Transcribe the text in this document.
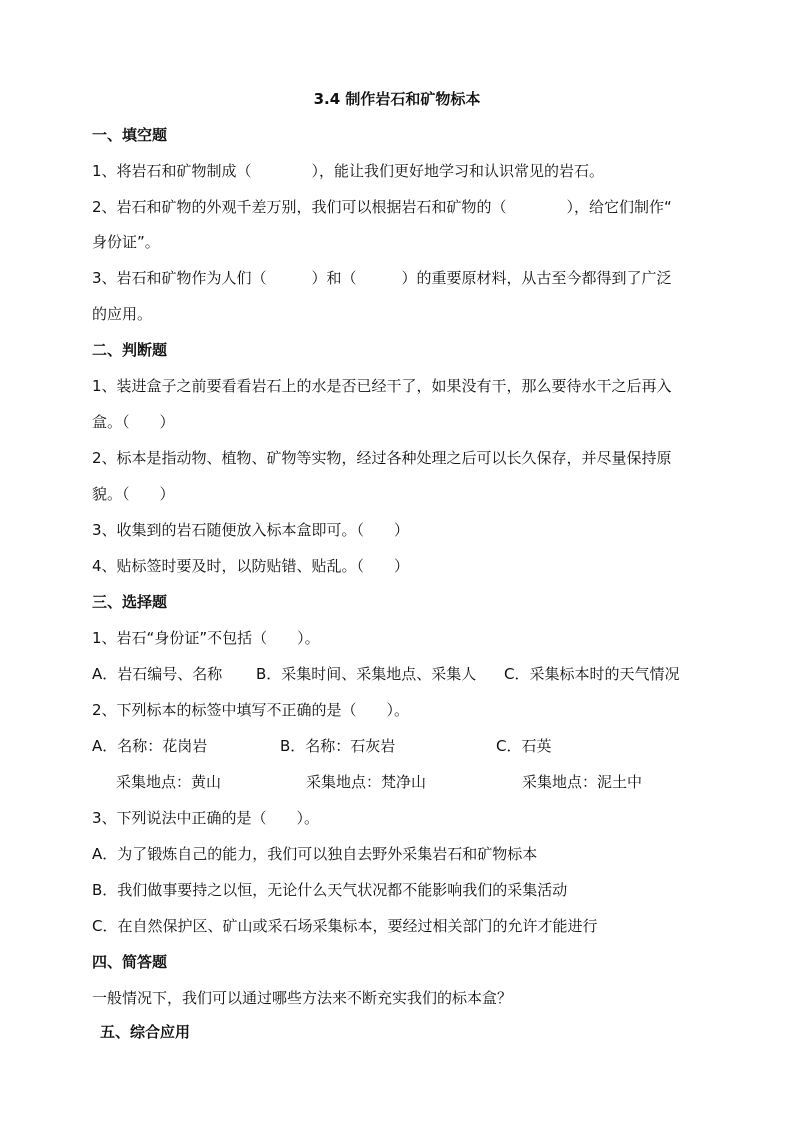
3.4 制作岩石和矿物标本
一、填空题
1、将岩石和矿物制成（　　　　），能让我们更好地学习和认识常见的岩石。
2、岩石和矿物的外观千差万别，我们可以根据岩石和矿物的（　　　　），给它们制作“
身份证”。
3、岩石和矿物作为人们（　　　）和（　　　）的重要原材料，从古至今都得到了广泛
的应用。
二、判断题
1、装进盒子之前要看看岩石上的水是否已经干了，如果没有干，那么要待水干之后再入
盒。（　　）
2、标本是指动物、植物、矿物等实物，经过各种处理之后可以长久保存，并尽量保持原
貌。（　　）
3、收集到的岩石随便放入标本盒即可。（　　）
4、贴标签时要及时，以防贴错、贴乱。（　　）
三、选择题
1、岩石“身份证”不包括（　　）。
A．岩石编号、名称 B．采集时间、采集地点、采集人 C．采集标本时的天气情况
2、下列标本的标签中填写不正确的是（　　）。
A．名称：花岗岩	B．名称：石灰岩	C．石英
采集地点：黄山	采集地点：梵净山	采集地点：泥土中
3、下列说法中正确的是（　　）。
A．为了锻炼自己的能力，我们可以独自去野外采集岩石和矿物标本
B．我们做事要持之以恒，无论什么天气状况都不能影响我们的采集活动
C．在自然保护区、矿山或采石场采集标本，要经过相关部门的允许才能进行
四、简答题
一般情况下，我们可以通过哪些方法来不断充实我们的标本盒？
五、综合应用
